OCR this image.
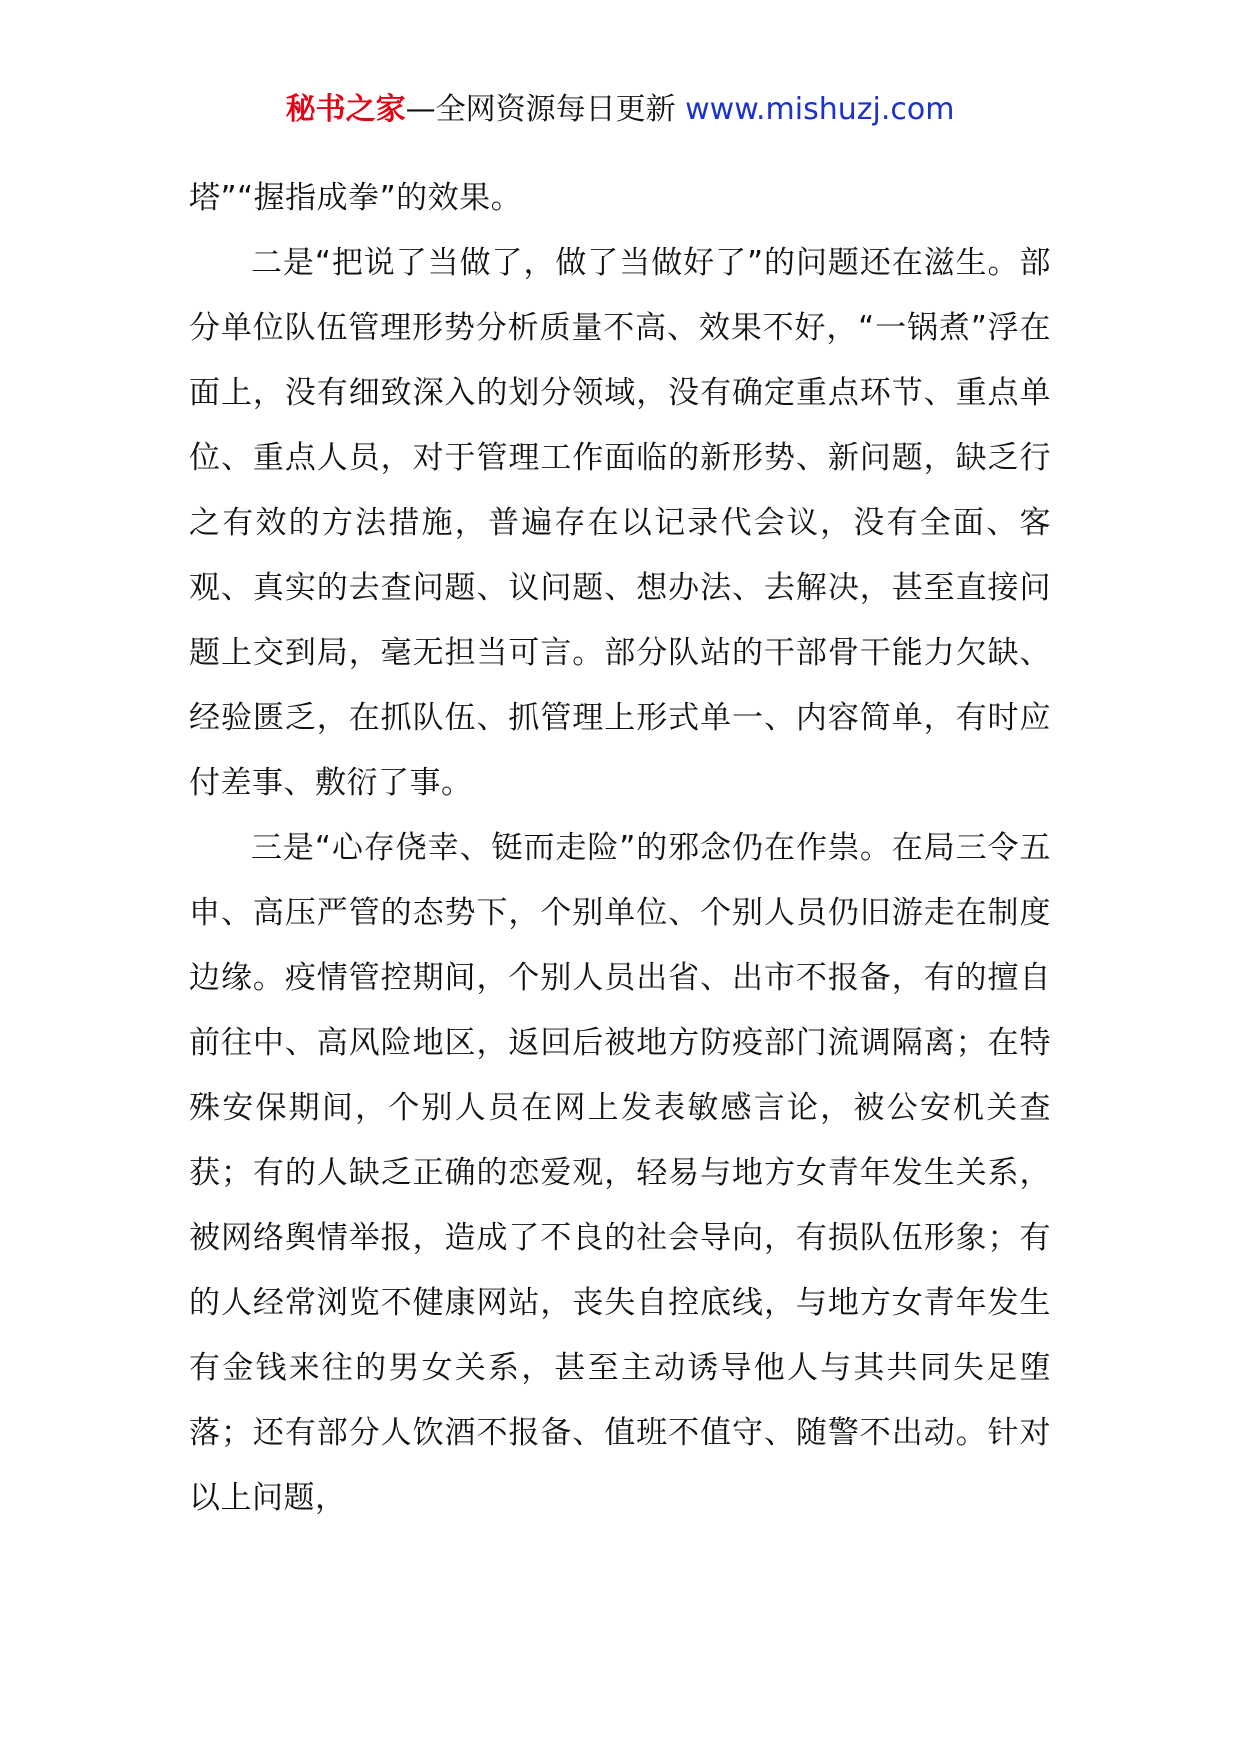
秘书之家—全网资源每日更新 www.mishuzj.com

塔”“握指成拳”的效果。

二是“把说了当做了，做了当做好了”的问题还在滋生。部分单位队伍管理形势分析质量不高、效果不好，“一锅煮”浮在面上，没有细致深入的划分领域，没有确定重点环节、重点单位、重点人员，对于管理工作面临的新形势、新问题，缺乏行之有效的方法措施，普遍存在以记录代会议，没有全面、客观、真实的去查问题、议问题、想办法、去解决，甚至直接问题上交到局，毫无担当可言。部分队站的干部骨干能力欠缺、经验匮乏，在抓队伍、抓管理上形式单一、内容简单，有时应付差事、敷衍了事。

三是“心存侥幸、铤而走险”的邪念仍在作祟。在局三令五申、高压严管的态势下，个别单位、个别人员仍旧游走在制度边缘。疫情管控期间，个别人员出省、出市不报备，有的擅自前往中、高风险地区，返回后被地方防疫部门流调隔离；在特殊安保期间，个别人员在网上发表敏感言论，被公安机关查获；有的人缺乏正确的恋爱观，轻易与地方女青年发生关系，被网络舆情举报，造成了不良的社会导向，有损队伍形象；有的人经常浏览不健康网站，丧失自控底线，与地方女青年发生有金钱来往的男女关系，甚至主动诱导他人与其共同失足堕落；还有部分人饮酒不报备、值班不值守、随警不出动。针对以上问题，
